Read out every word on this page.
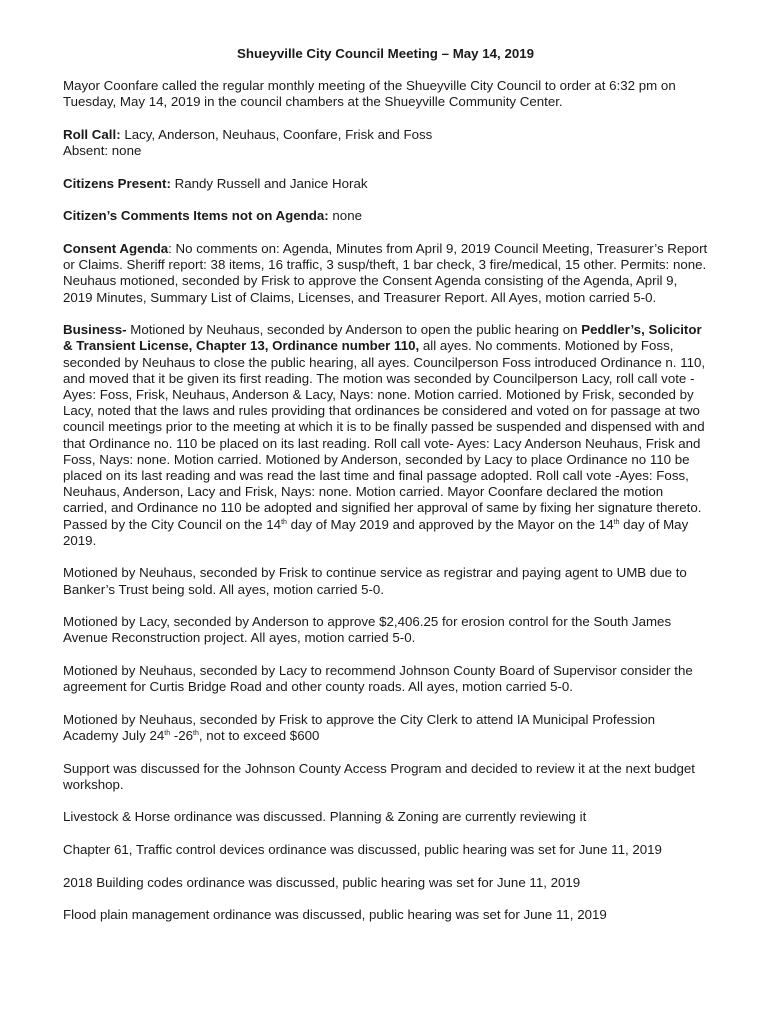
Shueyville City Council Meeting – May 14, 2019

Mayor Coonfare called the regular monthly meeting of the Shueyville City Council to order at 6:32 pm on Tuesday, May 14, 2019 in the council chambers at the Shueyville Community Center.

Roll Call: Lacy, Anderson, Neuhaus, Coonfare, Frisk and Foss
Absent: none

Citizens Present: Randy Russell and Janice Horak

Citizen’s Comments Items not on Agenda: none

Consent Agenda: No comments on: Agenda, Minutes from April 9, 2019 Council Meeting, Treasurer’s Report or Claims. Sheriff report: 38 items, 16 traffic, 3 susp/theft, 1 bar check, 3 fire/medical, 15 other. Permits: none. Neuhaus motioned, seconded by Frisk to approve the Consent Agenda consisting of the Agenda, April 9, 2019 Minutes, Summary List of Claims, Licenses, and Treasurer Report. All Ayes, motion carried 5-0.

Business- Motioned by Neuhaus, seconded by Anderson to open the public hearing on Peddler’s, Solicitor & Transient License, Chapter 13, Ordinance number 110, all ayes. No comments. Motioned by Foss, seconded by Neuhaus to close the public hearing, all ayes. Councilperson Foss introduced Ordinance n. 110, and moved that it be given its first reading. The motion was seconded by Councilperson Lacy, roll call vote -Ayes: Foss, Frisk, Neuhaus, Anderson & Lacy, Nays: none. Motion carried. Motioned by Frisk, seconded by Lacy, noted that the laws and rules providing that ordinances be considered and voted on for passage at two council meetings prior to the meeting at which it is to be finally passed be suspended and dispensed with and that Ordinance no. 110 be placed on its last reading. Roll call vote- Ayes: Lacy Anderson Neuhaus, Frisk and Foss, Nays: none. Motion carried. Motioned by Anderson, seconded by Lacy to place Ordinance no 110 be placed on its last reading and was read the last time and final passage adopted. Roll call vote -Ayes: Foss, Neuhaus, Anderson, Lacy and Frisk, Nays: none. Motion carried. Mayor Coonfare declared the motion carried, and Ordinance no 110 be adopted and signified her approval of same by fixing her signature thereto. Passed by the City Council on the 14th day of May 2019 and approved by the Mayor on the 14th day of May 2019.

Motioned by Neuhaus, seconded by Frisk to continue service as registrar and paying agent to UMB due to Banker’s Trust being sold. All ayes, motion carried 5-0.

Motioned by Lacy, seconded by Anderson to approve $2,406.25 for erosion control for the South James Avenue Reconstruction project. All ayes, motion carried 5-0.

Motioned by Neuhaus, seconded by Lacy to recommend Johnson County Board of Supervisor consider the agreement for Curtis Bridge Road and other county roads. All ayes, motion carried 5-0.

Motioned by Neuhaus, seconded by Frisk to approve the City Clerk to attend IA Municipal Profession Academy July 24th -26th, not to exceed $600

Support was discussed for the Johnson County Access Program and decided to review it at the next budget workshop.

Livestock & Horse ordinance was discussed. Planning & Zoning are currently reviewing it

Chapter 61, Traffic control devices ordinance was discussed, public hearing was set for June 11, 2019

2018 Building codes ordinance was discussed, public hearing was set for June 11, 2019

Flood plain management ordinance was discussed, public hearing was set for June 11, 2019
